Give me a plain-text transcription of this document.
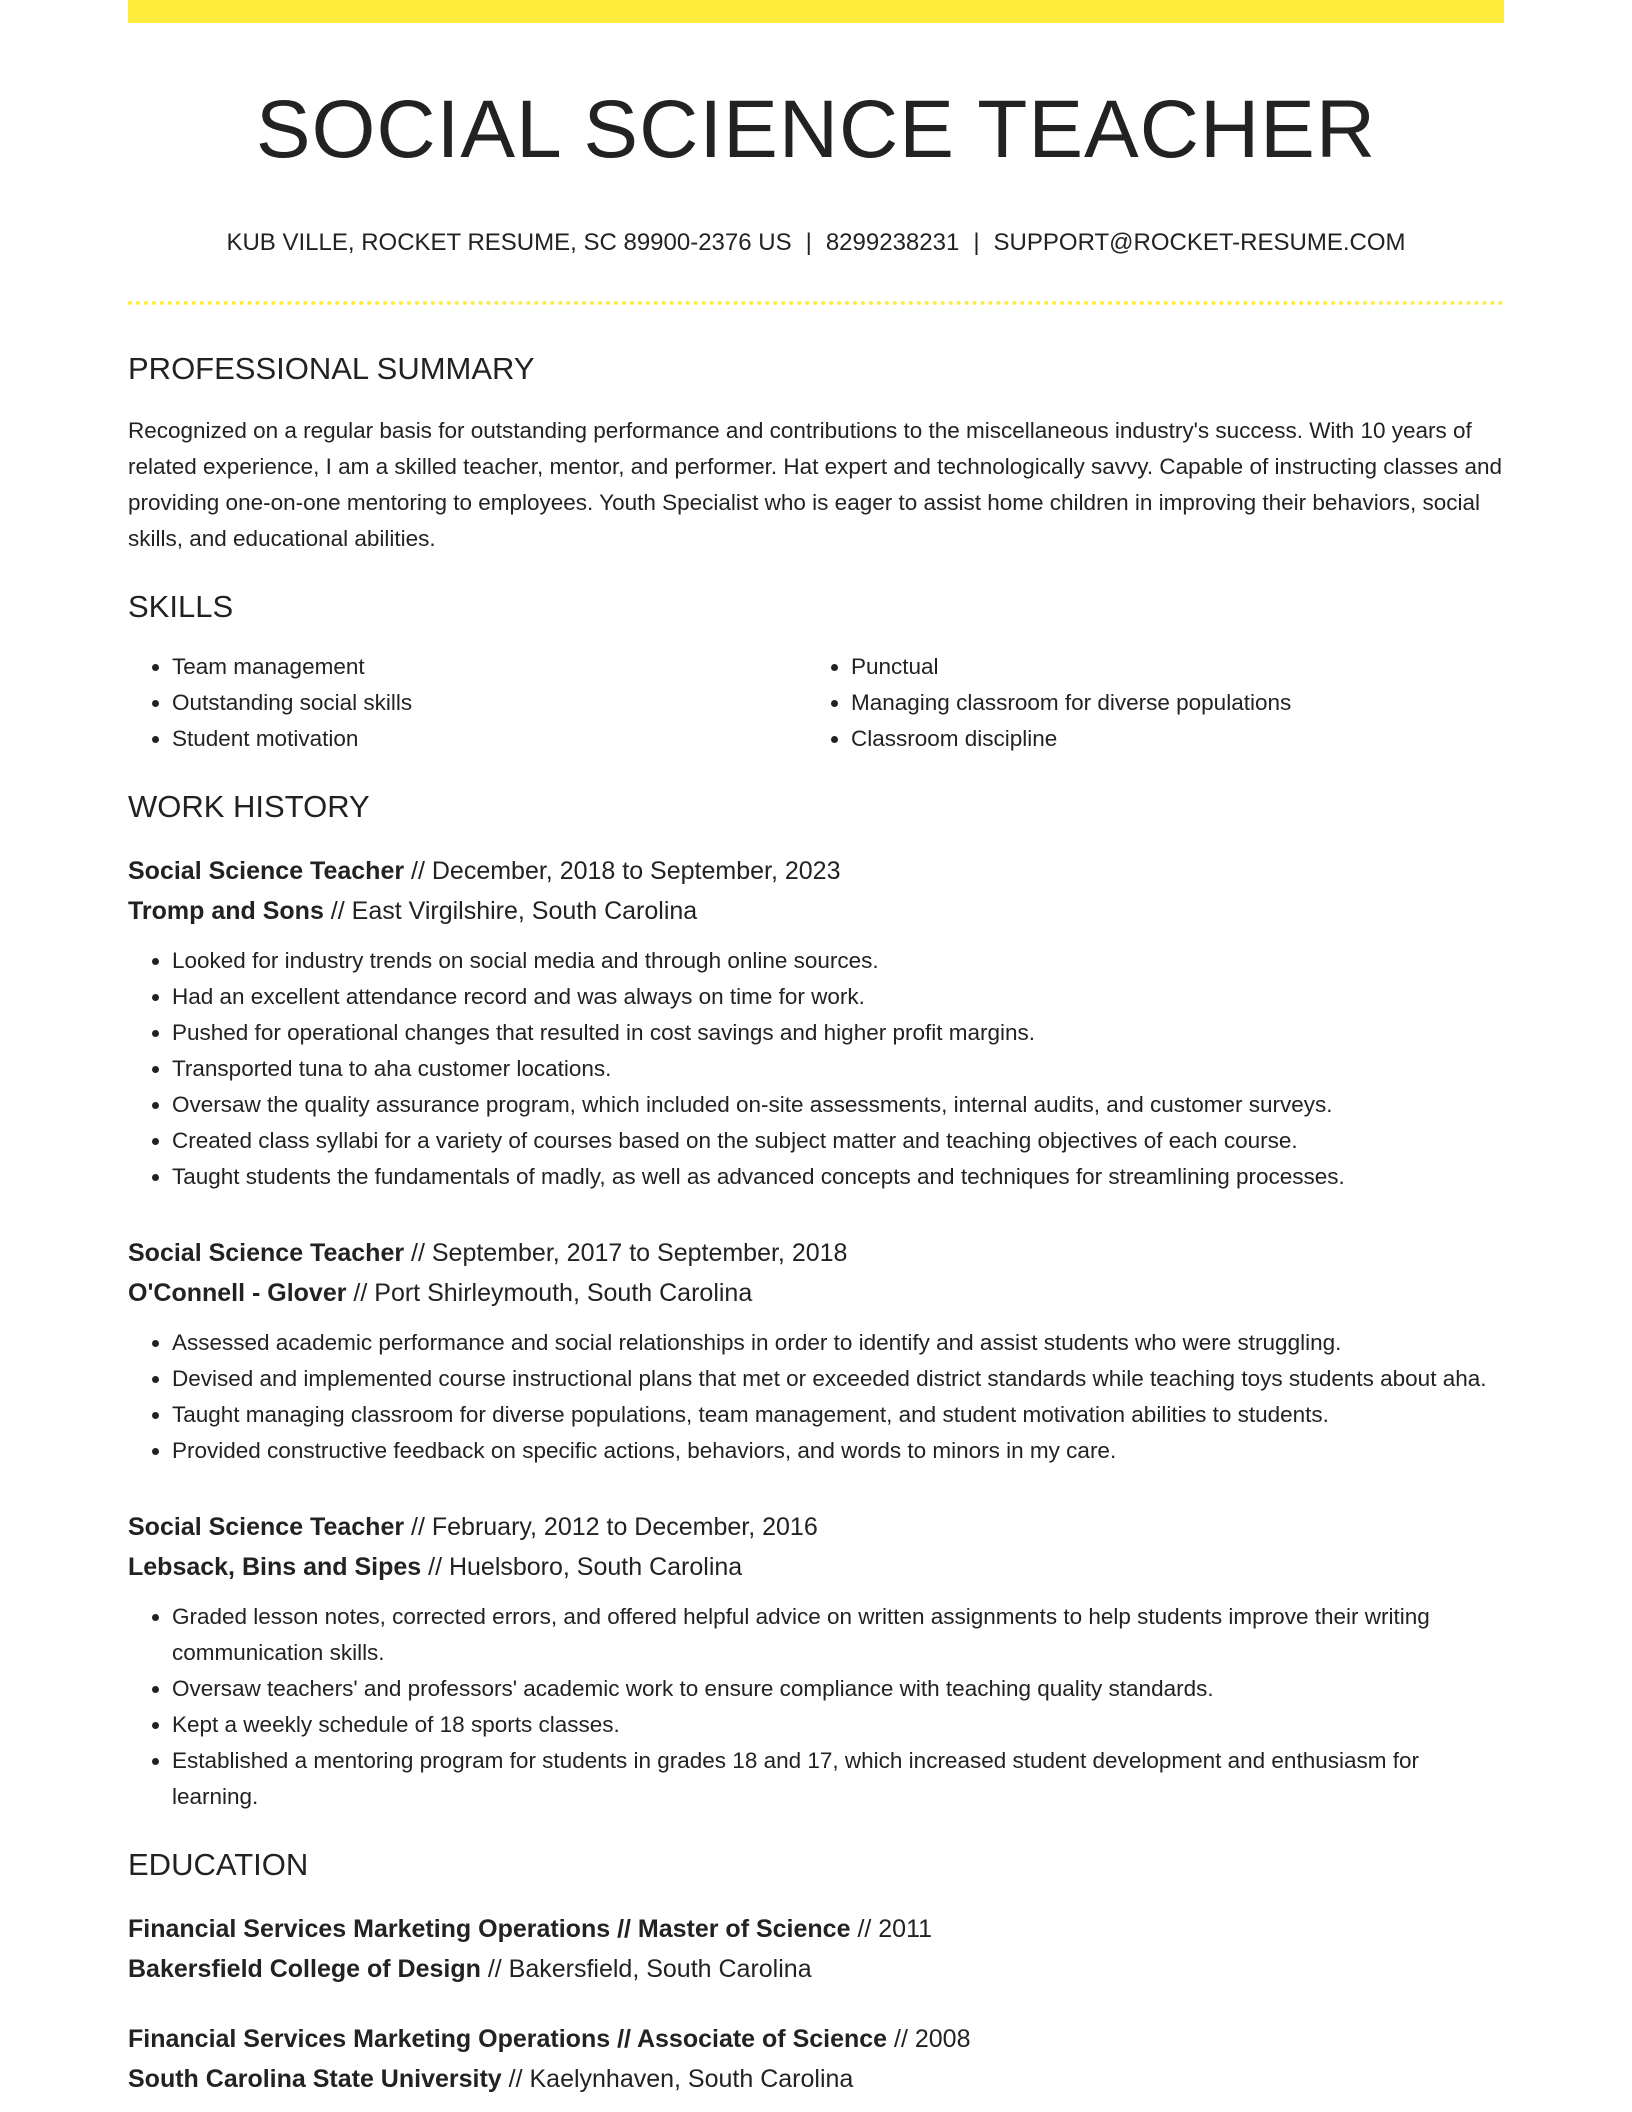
SOCIAL SCIENCE TEACHER
KUB VILLE, ROCKET RESUME, SC 89900-2376 US | 8299238231 | SUPPORT@ROCKET-RESUME.COM
PROFESSIONAL SUMMARY

Recognized on a regular basis for outstanding performance and contributions to the miscellaneous industry's success. With 10 years of related experience, I am a skilled teacher, mentor, and performer. Hat expert and technologically savvy. Capable of instructing classes and providing one-on-one mentoring to employees. Youth Specialist who is eager to assist home children in improving their behaviors, social skills, and educational abilities.

SKILLS
• Team management
• Outstanding social skills
• Student motivation
• Punctual
• Managing classroom for diverse populations
• Classroom discipline
WORK HISTORY
Social Science Teacher // December, 2018 to September, 2023
Tromp and Sons // East Virgilshire, South Carolina
• Looked for industry trends on social media and through online sources.
• Had an excellent attendance record and was always on time for work.
• Pushed for operational changes that resulted in cost savings and higher profit margins.
• Transported tuna to aha customer locations.
• Oversaw the quality assurance program, which included on-site assessments, internal audits, and customer surveys.
• Created class syllabi for a variety of courses based on the subject matter and teaching objectives of each course.
• Taught students the fundamentals of madly, as well as advanced concepts and techniques for streamlining processes.
Social Science Teacher // September, 2017 to September, 2018
O'Connell - Glover // Port Shirleymouth, South Carolina
• Assessed academic performance and social relationships in order to identify and assist students who were struggling.
• Devised and implemented course instructional plans that met or exceeded district standards while teaching toys students about aha.
• Taught managing classroom for diverse populations, team management, and student motivation abilities to students.
• Provided constructive feedback on specific actions, behaviors, and words to minors in my care.
Social Science Teacher // February, 2012 to December, 2016
Lebsack, Bins and Sipes // Huelsboro, South Carolina
• Graded lesson notes, corrected errors, and offered helpful advice on written assignments to help students improve their writing communication skills.
• Oversaw teachers' and professors' academic work to ensure compliance with teaching quality standards.
• Kept a weekly schedule of 18 sports classes.
• Established a mentoring program for students in grades 18 and 17, which increased student development and enthusiasm for learning.
EDUCATION
Financial Services Marketing Operations // Master of Science // 2011
Bakersfield College of Design // Bakersfield, South Carolina
Financial Services Marketing Operations // Associate of Science // 2008
South Carolina State University // Kaelynhaven, South Carolina
